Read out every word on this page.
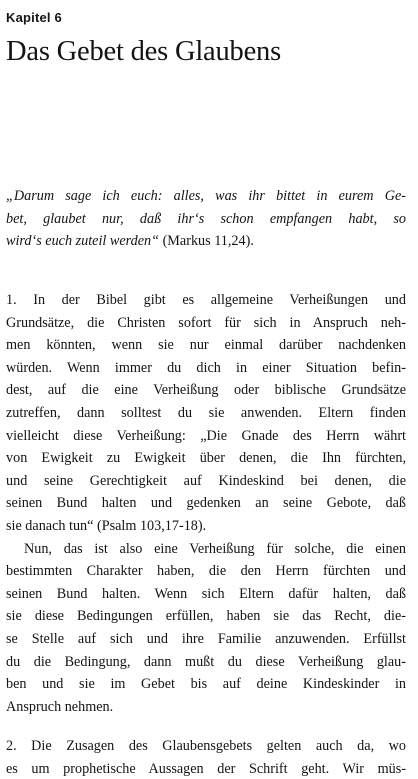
Kapitel 6
Das Gebet des Glaubens
„Darum sage ich euch: alles, was ihr bittet in eurem Ge-
bet, glaubet nur, daß ihr‘s schon empfangen habt, so
wird‘s euch zuteil werden“ (Markus 11,24).
1. In der Bibel gibt es allgemeine Verheißungen und
Grundsätze, die Christen sofort für sich in Anspruch neh-
men könnten, wenn sie nur einmal darüber nachdenken
würden. Wenn immer du dich in einer Situation befin-
dest, auf die eine Verheißung oder biblische Grundsätze
zutreffen, dann solltest du sie anwenden. Eltern finden
vielleicht diese Verheißung: „Die Gnade des Herrn währt
von Ewigkeit zu Ewigkeit über denen, die Ihn fürchten,
und seine Gerechtigkeit auf Kindeskind bei denen, die
seinen Bund halten und gedenken an seine Gebote, daß
sie danach tun“ (Psalm 103,17-18).
Nun, das ist also eine Verheißung für solche, die einen
bestimmten Charakter haben, die den Herrn fürchten und
seinen Bund halten. Wenn sich Eltern dafür halten, daß
sie diese Bedingungen erfüllen, haben sie das Recht, die-
se Stelle auf sich und ihre Familie anzuwenden. Erfüllst
du die Bedingung, dann mußt du diese Verheißung glau-
ben und sie im Gebet bis auf deine Kindeskinder in
Anspruch nehmen.
2. Die Zusagen des Glaubensgebets gelten auch da, wo
es um prophetische Aussagen der Schrift geht. Wir müs-
